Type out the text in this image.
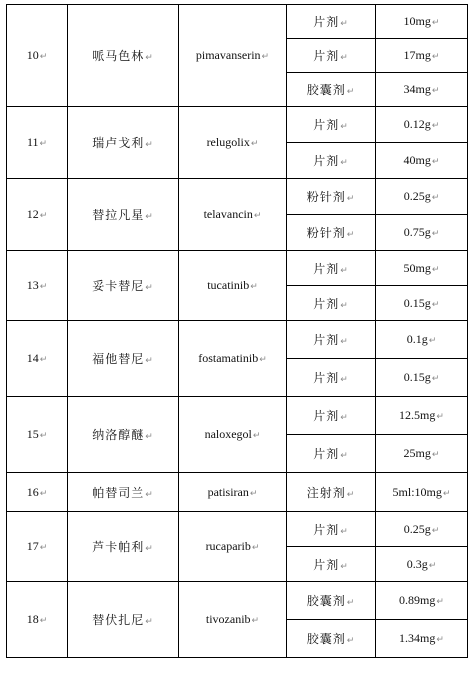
10↵	哌马色林↵	pimavanserin↵	片剂↵	10mg↵
			片剂↵	17mg↵
			胶囊剂↵	34mg↵
11↵	瑞卢戈利↵	relugolix↵	片剂↵	0.12g↵
			片剂↵	40mg↵
12↵	替拉凡星↵	telavancin↵	粉针剂↵	0.25g↵
			粉针剂↵	0.75g↵
13↵	妥卡替尼↵	tucatinib↵	片剂↵	50mg↵
			片剂↵	0.15g↵
14↵	福他替尼↵	fostamatinib↵	片剂↵	0.1g↵
			片剂↵	0.15g↵
15↵	纳洛醇醚↵	naloxegol↵	片剂↵	12.5mg↵
			片剂↵	25mg↵
16↵	帕替司兰↵	patisiran↵	注射剂↵	5ml:10mg↵
17↵	芦卡帕利↵	rucaparib↵	片剂↵	0.25g↵
			片剂↵	0.3g↵
18↵	替伏扎尼↵	tivozanib↵	胶囊剂↵	0.89mg↵
			胶囊剂↵	1.34mg↵
